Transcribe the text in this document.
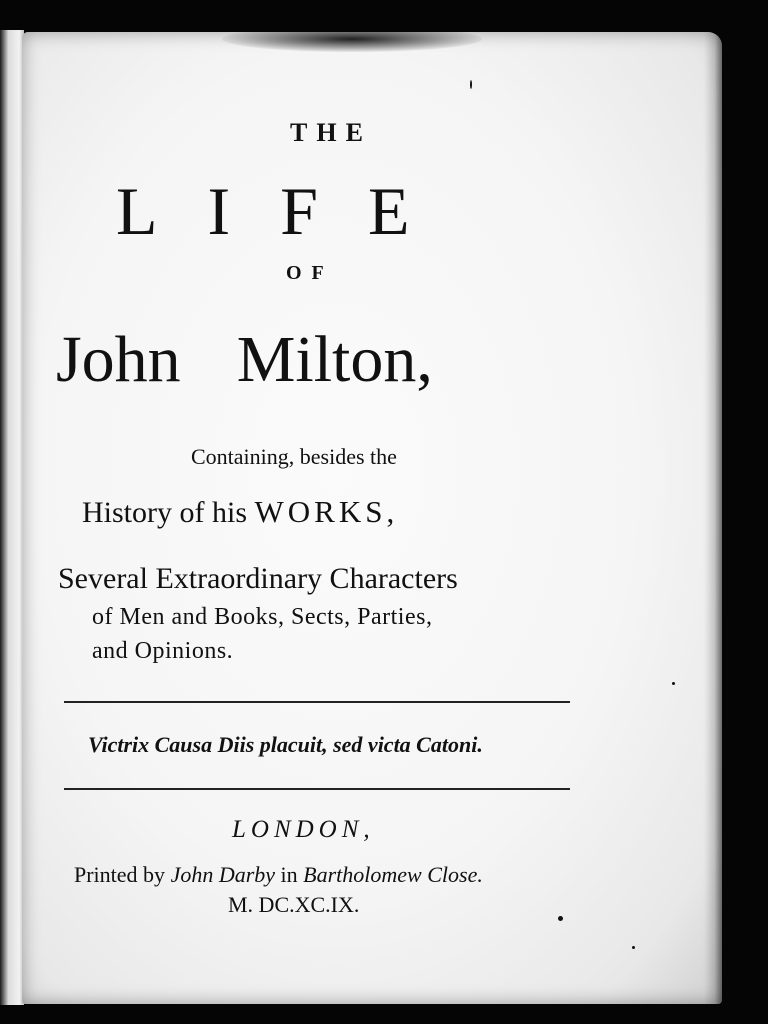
THE

LIFE

OF

John Milton,

Containing, besides the

History of his WORKS,

Several Extraordinary Characters

of Men and Books, Sects, Parties,

and Opinions.

Victrix Causa Diis placuit, sed victa Catoni.

LONDON,

Printed by John Darby in Bartholomew Close.

M. DC.XC.IX.
